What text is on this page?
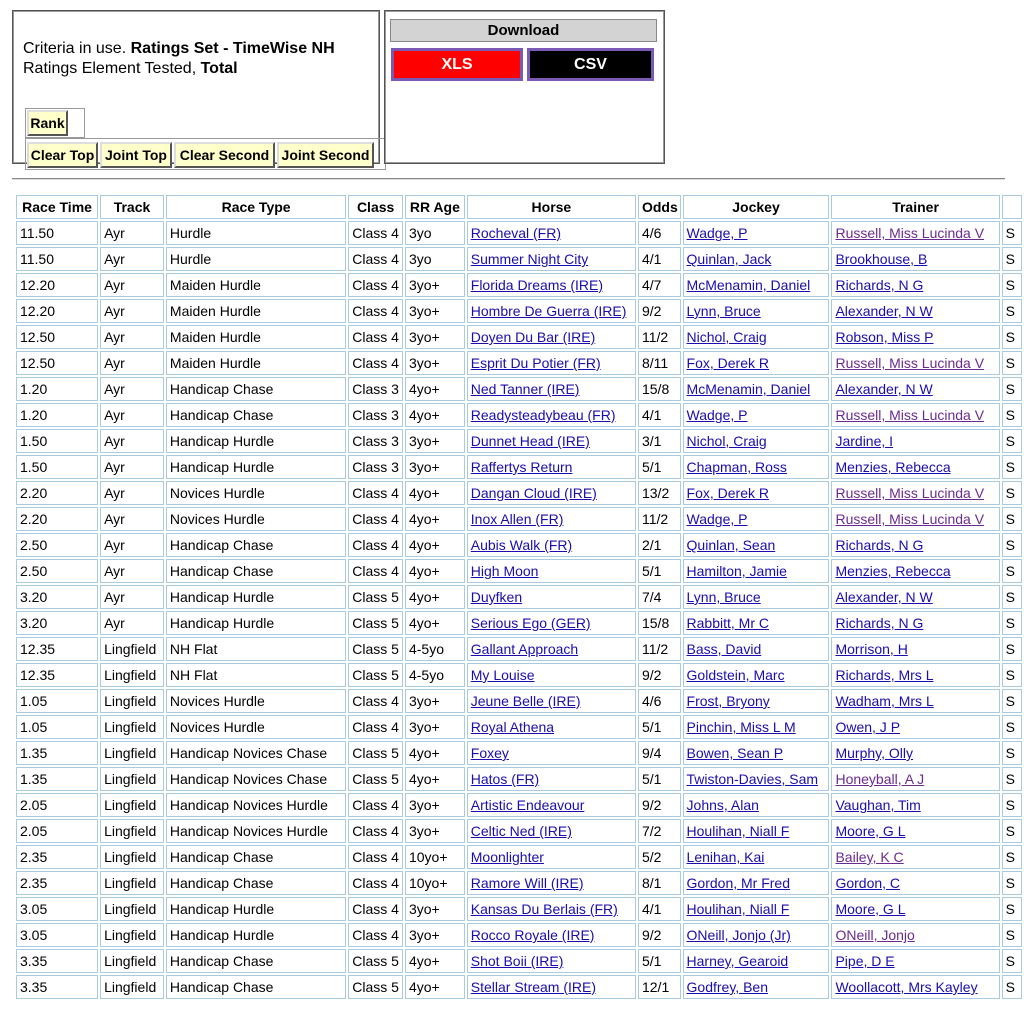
Criteria in use. Ratings Set - TimeWise NH
Ratings Element Tested, Total
Rank
Clear Top Joint Top Clear Second Joint Second
Download
XLS	CSV
Race Time	Track	Race Type	Class	RR Age	Horse	Odds	Jockey	Trainer	
11.50	Ayr	Hurdle	Class 4	3yo	Rocheval (FR)	4/6	Wadge, P	Russell, Miss Lucinda V	S
11.50	Ayr	Hurdle	Class 4	3yo	Summer Night City	4/1	Quinlan, Jack	Brookhouse, B	S
12.20	Ayr	Maiden Hurdle	Class 4	3yo+	Florida Dreams (IRE)	4/7	McMenamin, Daniel	Richards, N G	S
12.20	Ayr	Maiden Hurdle	Class 4	3yo+	Hombre De Guerra (IRE)	9/2	Lynn, Bruce	Alexander, N W	S
12.50	Ayr	Maiden Hurdle	Class 4	3yo+	Doyen Du Bar (IRE)	11/2	Nichol, Craig	Robson, Miss P	S
12.50	Ayr	Maiden Hurdle	Class 4	3yo+	Esprit Du Potier (FR)	8/11	Fox, Derek R	Russell, Miss Lucinda V	S
1.20	Ayr	Handicap Chase	Class 3	4yo+	Ned Tanner (IRE)	15/8	McMenamin, Daniel	Alexander, N W	S
1.20	Ayr	Handicap Chase	Class 3	4yo+	Readysteadybeau (FR)	4/1	Wadge, P	Russell, Miss Lucinda V	S
1.50	Ayr	Handicap Hurdle	Class 3	3yo+	Dunnet Head (IRE)	3/1	Nichol, Craig	Jardine, I	S
1.50	Ayr	Handicap Hurdle	Class 3	3yo+	Raffertys Return	5/1	Chapman, Ross	Menzies, Rebecca	S
2.20	Ayr	Novices Hurdle	Class 4	4yo+	Dangan Cloud (IRE)	13/2	Fox, Derek R	Russell, Miss Lucinda V	S
2.20	Ayr	Novices Hurdle	Class 4	4yo+	Inox Allen (FR)	11/2	Wadge, P	Russell, Miss Lucinda V	S
2.50	Ayr	Handicap Chase	Class 4	4yo+	Aubis Walk (FR)	2/1	Quinlan, Sean	Richards, N G	S
2.50	Ayr	Handicap Chase	Class 4	4yo+	High Moon	5/1	Hamilton, Jamie	Menzies, Rebecca	S
3.20	Ayr	Handicap Hurdle	Class 5	4yo+	Duyfken	7/4	Lynn, Bruce	Alexander, N W	S
3.20	Ayr	Handicap Hurdle	Class 5	4yo+	Serious Ego (GER)	15/8	Rabbitt, Mr C	Richards, N G	S
12.35	Lingfield	NH Flat	Class 5	4-5yo	Gallant Approach	11/2	Bass, David	Morrison, H	S
12.35	Lingfield	NH Flat	Class 5	4-5yo	My Louise	9/2	Goldstein, Marc	Richards, Mrs L	S
1.05	Lingfield	Novices Hurdle	Class 4	3yo+	Jeune Belle (IRE)	4/6	Frost, Bryony	Wadham, Mrs L	S
1.05	Lingfield	Novices Hurdle	Class 4	3yo+	Royal Athena	5/1	Pinchin, Miss L M	Owen, J P	S
1.35	Lingfield	Handicap Novices Chase	Class 5	4yo+	Foxey	9/4	Bowen, Sean P	Murphy, Olly	S
1.35	Lingfield	Handicap Novices Chase	Class 5	4yo+	Hatos (FR)	5/1	Twiston-Davies, Sam	Honeyball, A J	S
2.05	Lingfield	Handicap Novices Hurdle	Class 4	3yo+	Artistic Endeavour	9/2	Johns, Alan	Vaughan, Tim	S
2.05	Lingfield	Handicap Novices Hurdle	Class 4	3yo+	Celtic Ned (IRE)	7/2	Houlihan, Niall F	Moore, G L	S
2.35	Lingfield	Handicap Chase	Class 4	10yo+	Moonlighter	5/2	Lenihan, Kai	Bailey, K C	S
2.35	Lingfield	Handicap Chase	Class 4	10yo+	Ramore Will (IRE)	8/1	Gordon, Mr Fred	Gordon, C	S
3.05	Lingfield	Handicap Hurdle	Class 4	3yo+	Kansas Du Berlais (FR)	4/1	Houlihan, Niall F	Moore, G L	S
3.05	Lingfield	Handicap Hurdle	Class 4	3yo+	Rocco Royale (IRE)	9/2	ONeill, Jonjo (Jr)	ONeill, Jonjo	S
3.35	Lingfield	Handicap Chase	Class 5	4yo+	Shot Boii (IRE)	5/1	Harney, Gearoid	Pipe, D E	S
3.35	Lingfield	Handicap Chase	Class 5	4yo+	Stellar Stream (IRE)	12/1	Godfrey, Ben	Woollacott, Mrs Kayley	S
